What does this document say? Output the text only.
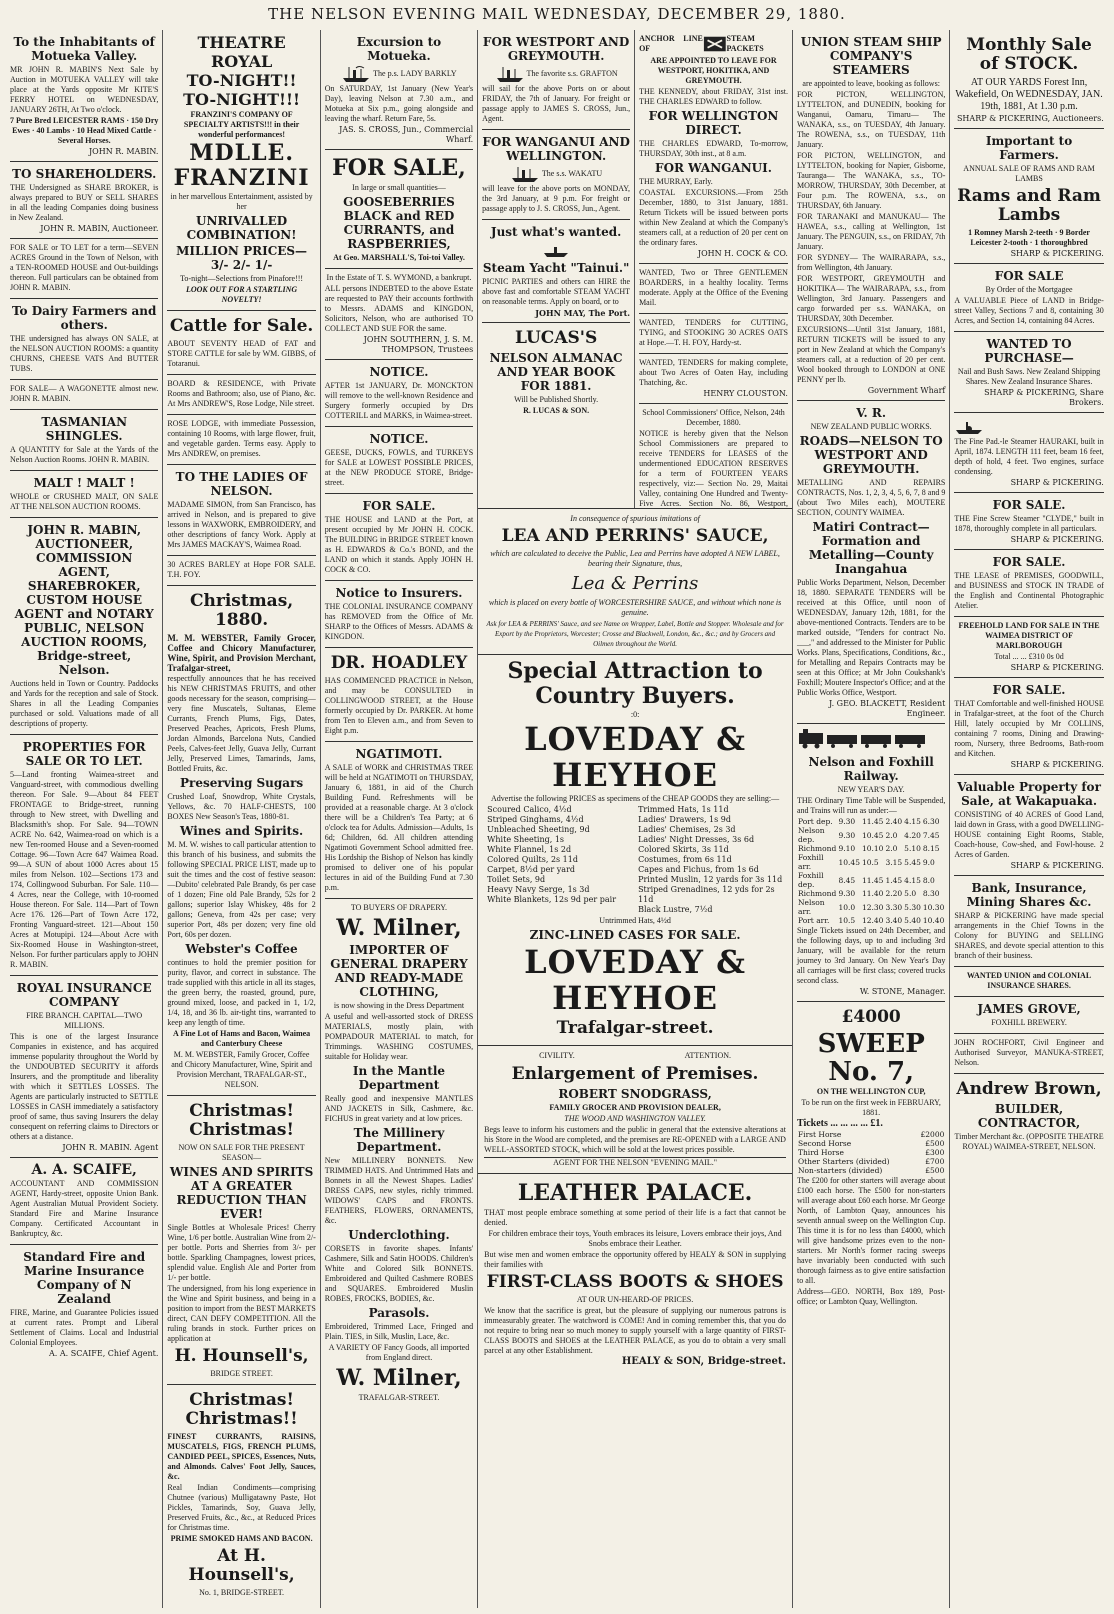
THE NELSON EVENING MAIL WEDNESDAY, DECEMBER 29, 1880.
To the Inhabitants of Motueka Valley.
MR JOHN R. MABIN'S Next Sale by Auction in MOTUEKA VALLEY will take place at the Yards opposite Mr KITE'S FERRY HOTEL on WEDNESDAY, JANUARY 26TH, At Two o'clock.
7 Pure Bred LEICESTER RAMS · 150 Dry Ewes · 40 Lambs · 10 Head Mixed Cattle · Several Horses.
JOHN R. MABIN.
TO SHAREHOLDERS.
THE Undersigned as SHARE BROKER, is always prepared to BUY or SELL SHARES in all the leading Companies doing business in New Zealand.
JOHN R. MABIN, Auctioneer.
FOR SALE or TO LET for a term—SEVEN ACRES Ground in the Town of Nelson, with a TEN-ROOMED HOUSE and Out-buildings thereon. Full particulars can be obtained from JOHN R. MABIN.
To Dairy Farmers and others.
THE undersigned has always ON SALE, at the NELSON AUCTION ROOMS: a quantity CHURNS, CHEESE VATS And BUTTER TUBS.
FOR SALE— A WAGONETTE almost new. JOHN R. MABIN.
TASMANIAN SHINGLES.
A QUANTITY for Sale at the Yards of the Nelson Auction Rooms. JOHN R. MABIN.
MALT ! MALT !
WHOLE or CRUSHED MALT, ON SALE AT THE NELSON AUCTION ROOMS.
JOHN R. MABIN, AUCTIONEER, COMMISSION AGENT, SHAREBROKER, CUSTOM HOUSE AGENT and NOTARY PUBLIC, NELSON AUCTION ROOMS, Bridge-street, Nelson.
Auctions held in Town or Country. Paddocks and Yards for the reception and sale of Stock. Shares in all the Leading Companies purchased or sold. Valuations made of all descriptions of property.
PROPERTIES FOR SALE OR TO LET.
5—Land fronting Waimea-street and Vanguard-street, with commodious dwelling thereon. For Sale. 9—About 84 FEET FRONTAGE to Bridge-street, running through to New street, with Dwelling and Blacksmith's shop. For Sale. 94—TOWN ACRE No. 642, Waimea-road on which is a new Ten-roomed House and a Seven-roomed Cottage. 96—Town Acre 647 Waimea Road. 99—A SUN of about 1000 Acres about 15 miles from Nelson. 102—Sections 173 and 174, Collingwood Suburban. For Sale. 110—4 Acres, near the College, with 10-roomed House thereon. For Sale. 114—Part of Town Acre 176. 126—Part of Town Acre 172, Fronting Vanguard-street. 121—About 150 Acres at Motupipi. 124—About Acre with Six-Roomed House in Washington-street, Nelson. For further particulars apply to JOHN R. MABIN.
ROYAL INSURANCE COMPANY
FIRE BRANCH. CAPITAL—TWO MILLIONS.
This is one of the largest Insurance Companies in existence, and has acquired immense popularity throughout the World by the UNDOUBTED SECURITY it affords Insurers, and the promptitude and liberality with which it SETTLES LOSSES. The Agents are particularly instructed to SETTLE LOSSES in CASH immediately a satisfactory proof of same, thus saving Insurers the delay consequent on referring claims to Directors or others at a distance.
JOHN R. MABIN. Agent
A. A. SCAIFE,
ACCOUNTANT AND COMMISSION AGENT, Hardy-street, opposite Union Bank. Agent Australian Mutual Provident Society. Standard Fire and Marine Insurance Company. Certificated Accountant in Bankruptcy, &c.
Standard Fire and Marine Insurance Company of N Zealand
FIRE, Marine, and Guarantee Policies issued at current rates. Prompt and Liberal Settlement of Claims. Local and Industrial Colonial Employees.
A. A. SCAIFE, Chief Agent.
THEATRE ROYAL
TO-NIGHT!! TO-NIGHT!!!
FRANZINI'S COMPANY OF SPECIALTY ARTISTS!!! in their wonderful performances!
MDLLE. FRANZINI
in her marvellous Entertainment, assisted by her
UNRIVALLED COMBINATION!
MILLION PRICES—3/- 2/- 1/-
To-night—Selections from Pinafore!!!
LOOK OUT FOR A STARTLING NOVELTY!
Cattle for Sale.
ABOUT SEVENTY HEAD of FAT and STORE CATTLE for sale by WM. GIBBS, of Totaranui.
BOARD & RESIDENCE, with Private Rooms and Bathroom; also, use of Piano, &c. At Mrs ANDREW'S, Rose Lodge, Nile street.
ROSE LODGE, with immediate Possession, containing 10 Rooms, with large flower, fruit, and vegetable garden. Terms easy. Apply to Mrs ANDREW, on premises.
TO THE LADIES OF NELSON.
MADAME SIMON, from San Francisco, has arrived in Nelson, and is prepared to give lessons in WAXWORK, EMBROIDERY, and other descriptions of fancy Work. Apply at Mrs JAMES MACKAY'S, Waimea Road.
30 ACRES BARLEY at Hope FOR SALE. T.H. FOY.
Christmas, 1880.
M. M. WEBSTER, Family Grocer, Coffee and Chicory Manufacturer, Wine, Spirit, and Provision Merchant, Trafalgar-street,
respectfully announces that he has received his NEW CHRISTMAS FRUITS, and other goods necessary for the season, comprising—very fine Muscatels, Sultanas, Eleme Currants, French Plums, Figs, Dates, Preserved Peaches, Apricots, Fresh Plums, Jordan Almonds, Barcelona Nuts, Candied Peels, Calves-feet Jelly, Guava Jelly, Currant Jelly, Preserved Limes, Tamarinds, Jams, Bottled Fruits, &c.
Preserving Sugars
Crushed Loaf, Snowdrop, White Crystals, Yellows, &c. 70 HALF-CHESTS, 100 BOXES New Season's Teas, 1880-81.
Wines and Spirits.
M. M. W. wishes to call particular attention to this branch of his business, and submits the following SPECIAL PRICE LIST, made up to suit the times and the cost of festive season:—Dubito' celebrated Pale Brandy, 6s per case of 1 dozen; Fine old Pale Brandy, 52s for 2 gallons; superior Islay Whiskey, 48s for 2 gallons; Geneva, from 42s per case; very superior Port, 48s per dozen; very fine old Port, 60s per dozen.
Webster's Coffee
continues to hold the premier position for purity, flavor, and correct in substance. The trade supplied with this article in all its stages, the green berry, the roasted, ground, pure, ground mixed, loose, and packed in 1, 1/2, 1/4, 18, and 36 lb. air-tight tins, warranted to keep any length of time.
A Fine Lot of Hams and Bacon, Waimea and Canterbury Cheese
M. M. WEBSTER, Family Grocer, Coffee and Chicory Manufacturer, Wine, Spirit and Provision Merchant, TRAFALGAR-ST., NELSON.
Christmas! Christmas!
NOW ON SALE FOR THE PRESENT SEASON—
WINES AND SPIRITS AT A GREATER REDUCTION THAN EVER!
Single Bottles at Wholesale Prices! Cherry Wine, 1/6 per bottle. Australian Wine from 2/- per bottle. Ports and Sherries from 3/- per bottle. Sparkling Champagnes, lowest prices, splendid value. English Ale and Porter from 1/- per bottle.
The undersigned, from his long experience in the Wine and Spirit business, and being in a position to import from the BEST MARKETS direct, CAN DEFY COMPETITION. All the ruling brands in stock. Further prices on application at
H. Hounsell's,
BRIDGE STREET.
Christmas! Christmas!!
FINEST CURRANTS, RAISINS, MUSCATELS, FIGS, FRENCH PLUMS, CANDIED PEEL, SPICES, Essences, Nuts, and Almonds. Calves' Foot Jelly, Sauces, &c.
Real Indian Condiments—comprising Chutnee (various) Mulligatawny Paste, Hot Pickles, Tamarinds, Soy, Guava Jelly, Preserved Fruits, &c., &c., at Reduced Prices for Christmas time.
PRIME SMOKED HAMS AND BACON.
At H. Hounsell's,
No. 1, BRIDGE-STREET.
Excursion to Motueka.
The p.s. LADY BARKLY
On SATURDAY, 1st January (New Year's Day), leaving Nelson at 7.30 a.m., and Motueka at Six p.m., going alongside and leaving the wharf. Return Fare, 5s.
JAS. S. CROSS, Jun., Commercial Wharf.
FOR SALE,
In large or small quantities—
GOOSEBERRIES BLACK and RED CURRANTS, and RASPBERRIES,
At Geo. MARSHALL'S, Toi-toi Valley.
In the Estate of T. S. WYMOND, a bankrupt.
ALL persons INDEBTED to the above Estate are requested to PAY their accounts forthwith to Messrs. ADAMS and KINGDON, Solicitors, Nelson, who are authorised TO COLLECT AND SUE FOR the same.
JOHN SOUTHERN, J. S. M. THOMPSON, Trustees
NOTICE.
AFTER 1st JANUARY, Dr. MONCKTON will remove to the well-known Residence and Surgery formerly occupied by Drs COTTERILL and MARKS, in Waimea-street.
NOTICE.
GEESE, DUCKS, FOWLS, and TURKEYS for SALE at LOWEST POSSIBLE PRICES, at the NEW PRODUCE STORE, Bridge-street.
FOR SALE.
THE HOUSE and LAND at the Port, at present occupied by Mr JOHN H. COCK. The BUILDING in BRIDGE STREET known as H. EDWARDS & Co.'s BOND, and the LAND on which it stands. Apply JOHN H. COCK & CO.
Notice to Insurers.
THE COLONIAL INSURANCE COMPANY has REMOVED from the Office of Mr. SHARP to the Offices of Messrs. ADAMS & KINGDON.
DR. HOADLEY
HAS COMMENCED PRACTICE in Nelson, and may be CONSULTED in COLLINGWOOD STREET, at the House formerly occupied by Dr. PARKER. At home from Ten to Eleven a.m., and from Seven to Eight p.m.
NGATIMOTI.
A SALE of WORK and CHRISTMAS TREE will be held at NGATIMOTI on THURSDAY, January 6, 1881, in aid of the Church Building Fund. Refreshments will be provided at a reasonable charge. At 3 o'clock there will be a Children's Tea Party; at 6 o'clock tea for Adults. Admission—Adults, 1s 6d; Children, 6d. All children attending Ngatimoti Government School admitted free. His Lordship the Bishop of Nelson has kindly promised to deliver one of his popular lectures in aid of the Building Fund at 7.30 p.m.
TO BUYERS OF DRAPERY.
W. Milner,
IMPORTER OF GENERAL DRAPERY AND READY-MADE CLOTHING,
is now showing in the Dress Department
A useful and well-assorted stock of DRESS MATERIALS, mostly plain, with POMPADOUR MATERIAL to match, for Trimmings. WASHING COSTUMES, suitable for Holiday wear.
In the Mantle Department
Really good and inexpensive MANTLES AND JACKETS in Silk, Cashmere, &c. FICHUS in great variety and at low prices.
The Millinery Department.
New MILLINERY BONNETS. New TRIMMED HATS. And Untrimmed Hats and Bonnets in all the Newest Shapes. Ladies' DRESS CAPS, new styles, richly trimmed. WIDOWS' CAPS and FRONTS. FEATHERS, FLOWERS, ORNAMENTS, &c.
Underclothing.
CORSETS in favorite shapes. Infants' Cashmere, Silk and Satin HOODS. Children's White and Colored Silk BONNETS. Embroidered and Quilted Cashmere ROBES and SQUARES. Embroidered Muslin ROBES, FROCKS, BODIES, &c.
Parasols.
Embroidered, Trimmed Lace, Fringed and Plain. TIES, in Silk, Muslin, Lace, &c.
A VARIETY OF Fancy Goods, all imported from England direct.
W. Milner,
TRAFALGAR-STREET.
FOR WESTPORT AND GREYMOUTH.
The favorite s.s. GRAFTON
will sail for the above Ports on or about FRIDAY, the 7th of January. For freight or passage apply to JAMES S. CROSS, Jun., Agent.
FOR WANGANUI AND WELLINGTON.
The s.s. WAKATU
will leave for the above ports on MONDAY, the 3rd January, at 9 p.m. For freight or passage apply to J. S. CROSS, Jun., Agent.
Just what's wanted.
Steam Yacht "Tainui."
PICNIC PARTIES and others can HIRE the above fast and comfortable STEAM YACHT on reasonable terms. Apply on board, or to
JOHN MAY, The Port.
LUCAS'S
NELSON ALMANAC AND YEAR BOOK FOR 1881.
Will be Published Shortly.
R. LUCAS & SON.
ANCHOR LINE OF
STEAM PACKETS
ARE APPOINTED TO LEAVE FOR WESTPORT, HOKITIKA, AND GREYMOUTH.
THE KENNEDY, about FRIDAY, 31st inst. THE CHARLES EDWARD to follow.
FOR WELLINGTON DIRECT.
THE CHARLES EDWARD, To-morrow, THURSDAY, 30th inst., at 8 a.m.
FOR WANGANUI.
THE MURRAY, Early.
COASTAL EXCURSIONS.—From 25th December, 1880, to 31st January, 1881. Return Tickets will be issued between ports within New Zealand at which the Company's steamers call, at a reduction of 20 per cent on the ordinary fares.
JOHN H. COCK & CO.
WANTED, Two or Three GENTLEMEN BOARDERS, in a healthy locality. Terms moderate. Apply at the Office of the Evening Mail.
WANTED, TENDERS for CUTTING, TYING, and STOOKING 30 ACRES OATS at Hope.—T. H. FOY, Hardy-st.
WANTED, TENDERS for making complete, about Two Acres of Oaten Hay, including Thatching, &c.
HENRY CLOUSTON.
School Commissioners' Office, Nelson, 24th December, 1880.
NOTICE is hereby given that the Nelson School Commissioners are prepared to receive TENDERS for LEASES of the undermentioned EDUCATION RESERVES for a term of FOURTEEN YEARS respectively, viz:— Section No. 29, Maitai Valley, containing One Hundred and Twenty-Five Acres. Section No. 86, Westport,
In consequence of spurious imitations of
LEA AND PERRINS' SAUCE,
which are calculated to deceive the Public, Lea and Perrins have adopted A NEW LABEL, bearing their Signature, thus,
Lea & Perrins
which is placed on every bottle of WORCESTERSHIRE SAUCE, and without which none is genuine.
Ask for LEA & PERRINS' Sauce, and see Name on Wrapper, Label, Bottle and Stopper. Wholesale and for Export by the Proprietors, Worcester; Crosse and Blackwell, London, &c., &c.; and by Grocers and Oilmen throughout the World.
Special Attraction to Country Buyers.
:0:
LOVEDAY & HEYHOE
Advertise the following PRICES as specimens of the CHEAP GOODS they are selling:—
Scoured Calico, 4½d
Striped Ginghams, 4½d
Unbleached Sheeting, 9d
White Sheeting, 1s
White Flannel, 1s 2d
Colored Quilts, 2s 11d
Carpet, 8½d per yard
Toilet Sets, 9d
Heavy Navy Serge, 1s 3d
White Blankets, 12s 9d per pair
Trimmed Hats, 1s 11d
Ladies' Drawers, 1s 9d
Ladies' Chemises, 2s 3d
Ladies' Night Dresses, 3s 6d
Colored Skirts, 3s 11d
Costumes, from 6s 11d
Capes and Fichus, from 1s 6d
Printed Muslin, 12 yards for 3s 11d
Striped Grenadines, 12 yds for 2s 11d
Black Lustre, 7½d
Untrimmed Hats, 4½d
ZINC-LINED CASES FOR SALE.
LOVEDAY & HEYHOE
Trafalgar-street.
CIVILITY.	ATTENTION.
Enlargement of Premises.
ROBERT SNODGRASS,
FAMILY GROCER AND PROVISION DEALER,
THE WOOD AND WASHINGTON VALLEY.
Begs leave to inform his customers and the public in general that the extensive alterations at his Store in the Wood are completed, and the premises are RE-OPENED with a LARGE AND WELL-ASSORTED STOCK, which will be sold at the lowest prices possible.
AGENT FOR THE NELSON "EVENING MAIL."
LEATHER PALACE.
THAT most people embrace something at some period of their life is a fact that cannot be denied.
For children embrace their toys, Youth embraces its leisure, Lovers embrace their joys, And Snobs embrace their Leather.
But wise men and women embrace the opportunity offered by HEALY & SON in supplying their families with
FIRST-CLASS BOOTS & SHOES
AT OUR UN-HEARD-OF PRICES.
We know that the sacrifice is great, but the pleasure of supplying our numerous patrons is immeasurably greater. The watchword is COME! And in coming remember this, that you do not require to bring near so much money to supply yourself with a large quantity of FIRST-CLASS BOOTS and SHOES at the LEATHER PALACE, as you do to obtain a very small parcel at any other Establishment.
HEALY & SON, Bridge-street.
UNION STEAM SHIP COMPANY'S STEAMERS
are appointed to leave, booking as follows:
FOR PICTON, WELLINGTON, LYTTELTON, and DUNEDIN, booking for Wanganui, Oamaru, Timaru— The WANAKA, s.s., on TUESDAY, 4th January. The ROWENA, s.s., on TUESDAY, 11th January.
FOR PICTON, WELLINGTON, and LYTTELTON, booking for Napier, Gisborne, Tauranga— The WANAKA, s.s., TO-MORROW, THURSDAY, 30th December, at Four p.m. The ROWENA, s.s., on THURSDAY, 6th January.
FOR TARANAKI and MANUKAU— The HAWEA, s.s., calling at Wellington, 1st January. The PENGUIN, s.s., on FRIDAY, 7th January.
FOR SYDNEY— The WAIRARAPA, s.s., from Wellington, 4th January.
FOR WESTPORT, GREYMOUTH and HOKITIKA— The WAIRARAPA, s.s., from Wellington, 3rd January. Passengers and cargo forwarded per s.s. WANAKA, on THURSDAY, 30th December.
EXCURSIONS—Until 31st January, 1881, RETURN TICKETS will be issued to any port in New Zealand at which the Company's steamers call, at a reduction of 20 per cent. Wool booked through to LONDON at ONE PENNY per lb.
Government Wharf
V. R.
NEW ZEALAND PUBLIC WORKS.
ROADS—NELSON TO WESTPORT AND GREYMOUTH.
METALLING AND REPAIRS CONTRACTS, Nos. 1, 2, 3, 4, 5, 6, 7, 8 and 9 (about Two Miles each), MOUTERE SECTION, COUNTY WAIMEA.
Matiri Contract—Formation and Metalling—County Inangahua
Public Works Department, Nelson, December 18, 1880. SEPARATE TENDERS will be received at this Office, until noon of WEDNESDAY, January 12th, 1881, for the above-mentioned Contracts. Tenders are to be marked outside, "Tenders for contract No. ___," and addressed to the Minister for Public Works. Plans, Specifications, Conditions, &c., for Metalling and Repairs Contracts may be seen at this Office; at Mr John Coukshank's Foxhill; Moutere Inspector's Office; and at the Public Works Office, Westport.
J. GEO. BLACKETT, Resident Engineer.
Nelson and Foxhill Railway.
NEW YEAR'S DAY.
THE Ordinary Time Table will be Suspended, and Trains will run as under:—
Port dep.	9.30	11.45	2.40	4.15	6.30
Nelson dep.	9.30	10.45	2.0	4.20	7.45
Richmond	9.10	10.10	2.0	5.10	8.15
Foxhill arr.	10.45	10.5	3.15	5.45	9.0
Foxhill dep.	8.45	11.45	1.45	4.15	8.0
Richmond	9.30	11.40	2.20	5.0	8.30
Nelson arr.	10.0	12.30	3.30	5.30	10.30
Port arr.	10.5	12.40	3.40	5.40	10.40
Single Tickets issued on 24th December, and the following days, up to and including 3rd January, will be available for the return journey to 3rd January. On New Year's Day all carriages will be first class; covered trucks second class.
W. STONE, Manager.
£4000
SWEEP No. 7,
ON THE WELLINGTON CUP,
To be run on the first week in FEBRUARY, 1881.
Tickets ... ... ... ... £1.
First Horse	£2000
Second Horse	£500
Third Horse	£300
Other Starters (divided)	£700
Non-starters (divided)	£500
The £200 for other starters will average about £100 each horse. The £500 for non-starters will average about £60 each horse. Mr George North, of Lambton Quay, announces his seventh annual sweep on the Wellington Cup. This time it is for no less than £4000, which will give handsome prizes even to the non-starters. Mr North's former racing sweeps have invariably been conducted with such thorough fairness as to give entire satisfaction to all.
Address—GEO. NORTH, Box 189, Post-office; or Lambton Quay, Wellington.
Monthly Sale of STOCK.
AT OUR YARDS Forest Inn, Wakefield, On WEDNESDAY, JAN. 19th, 1881, At 1.30 p.m.
SHARP & PICKERING, Auctioneers.
Important to Farmers.
ANNUAL SALE OF RAMS AND RAM LAMBS
Rams and Ram Lambs
1 Romney Marsh 2-teeth · 9 Border Leicester 2-tooth · 1 thoroughbred
SHARP & PICKERING.
FOR SALE
By Order of the Mortgagee
A VALUABLE Piece of LAND in Bridge-street Valley, Sections 7 and 8, containing 30 Acres, and Section 14, containing 84 Acres.
WANTED TO PURCHASE—
Nail and Bush Saws. New Zealand Shipping Shares. New Zealand Insurance Shares.
SHARP & PICKERING, Share Brokers.
The Fine Pad.-le Steamer HAURAKI, built in April, 1874. LENGTH 111 feet, beam 16 feet, depth of hold, 4 feet. Two engines, surface condensing.
SHARP & PICKERING.
FOR SALE.
THE Fine Screw Steamer "CLYDE," built in 1878, thoroughly complete in all particulars.
SHARP & PICKERING.
FOR SALE.
THE LEASE of PREMISES, GOODWILL, and BUSINESS and STOCK IN TRADE of the English and Continental Photographic Atelier.
FREEHOLD LAND FOR SALE IN THE WAIMEA DISTRICT OF MARLBOROUGH
Total ... ... £310 0s 0d
SHARP & PICKERING.
FOR SALE.
THAT Comfortable and well-finished HOUSE in Trafalgar-street, at the foot of the Church Hill, lately occupied by Mr COLLINS, containing 7 rooms, Dining and Drawing-room, Nursery, three Bedrooms, Bath-room and Kitchen.
SHARP & PICKERING.
Valuable Property for Sale, at Wakapuaka.
CONSISTING of 40 ACRES of Good Land, laid down in Grass, with a good DWELLING-HOUSE containing Eight Rooms, Stable, Coach-house, Cow-shed, and Fowl-house. 2 Acres of Garden.
SHARP & PICKERING.
Bank, Insurance, Mining Shares &c.
SHARP & PICKERING have made special arrangements in the Chief Towns in the Colony for BUYING and SELLING SHARES, and devote special attention to this branch of their business.
WANTED UNION and COLONIAL INSURANCE SHARES.
JAMES GROVE,
FOXHILL BREWERY.
JOHN ROCHFORT, Civil Engineer and Authorised Surveyor, MANUKA-STREET, Nelson.
Andrew Brown,
BUILDER, CONTRACTOR,
Timber Merchant &c. (OPPOSITE THEATRE ROYAL) WAIMEA-STREET, NELSON.
